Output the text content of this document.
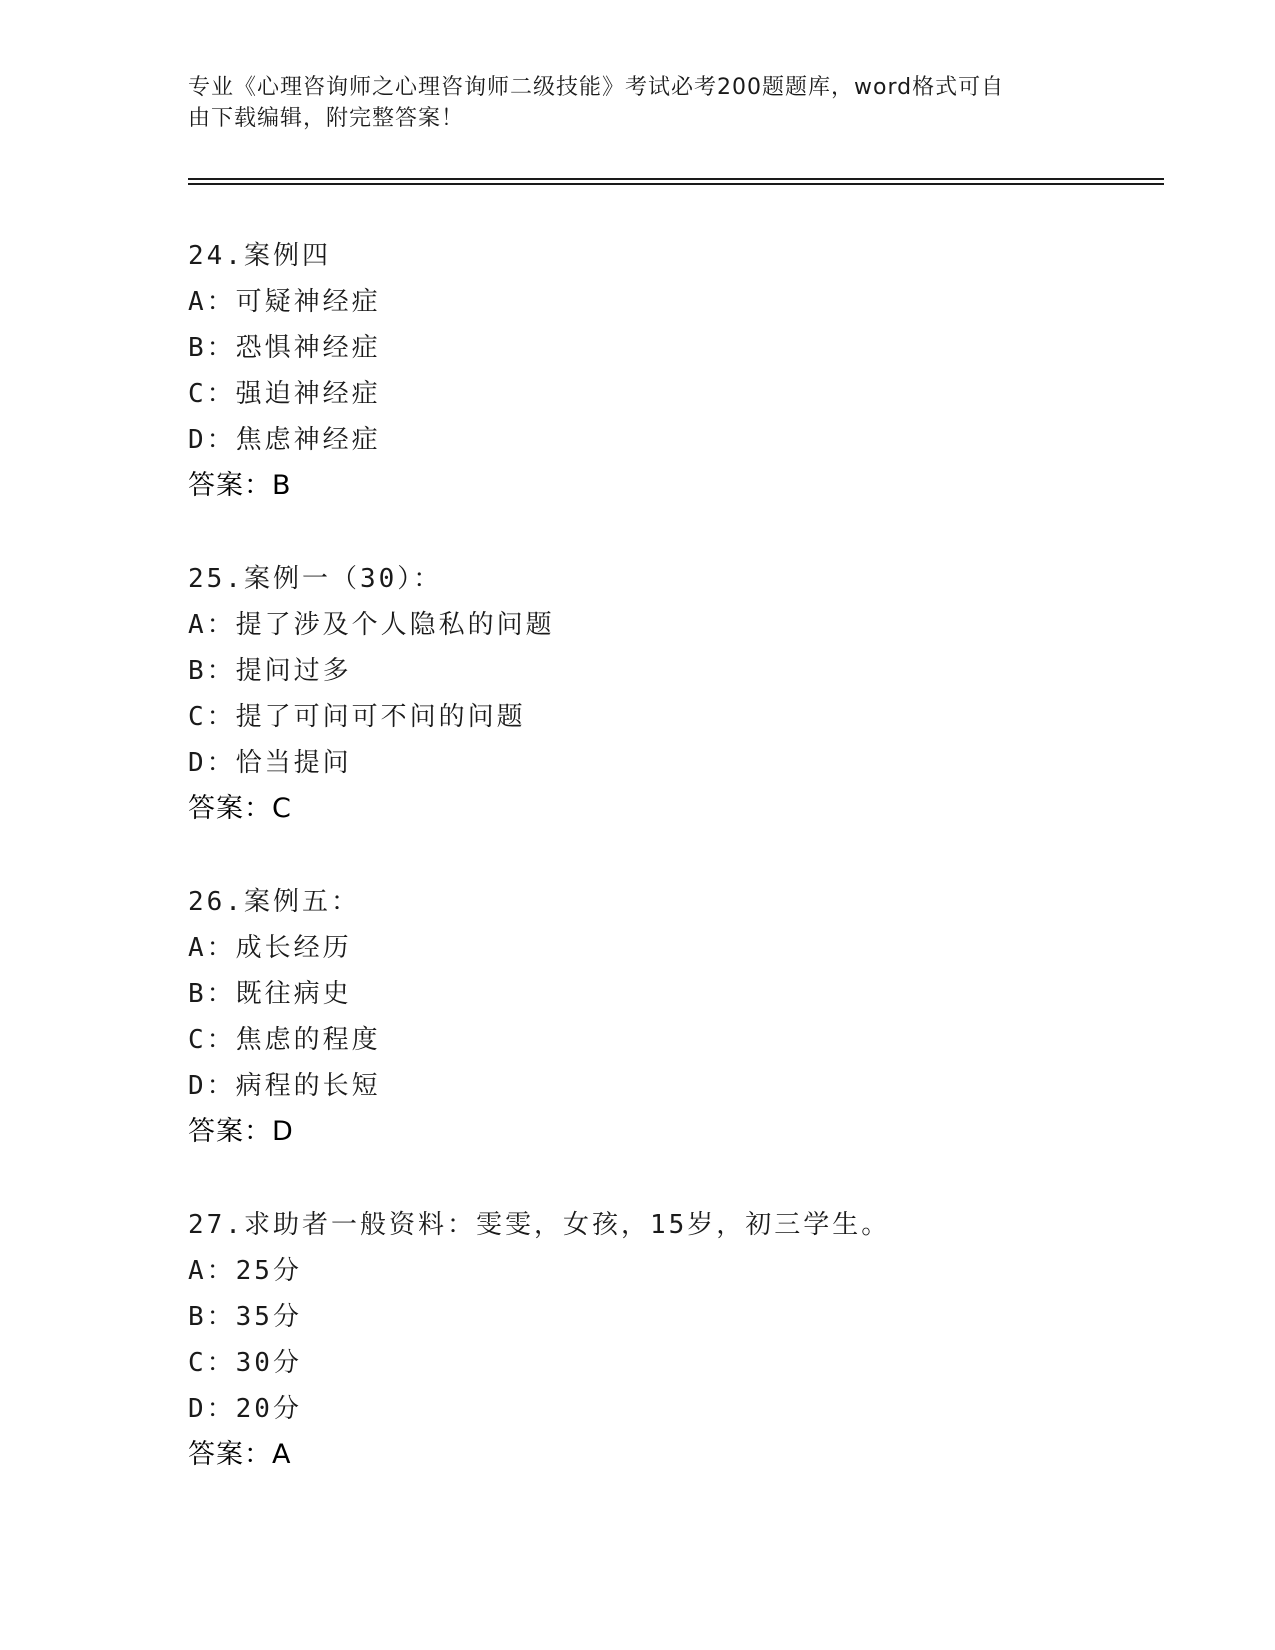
专业《心理咨询师之心理咨询师二级技能》考试必考200题题库，word格式可自
由下载编辑，附完整答案！
24.案例四
A：可疑神经症
B：恐惧神经症
C：强迫神经症
D：焦虑神经症
答案：B
25.案例一（30）：
A：提了涉及个人隐私的问题
B：提问过多
C：提了可问可不问的问题
D：恰当提问
答案：C
26.案例五：
A：成长经历
B：既往病史
C：焦虑的程度
D：病程的长短
答案：D
27.求助者一般资料：雯雯，女孩，15岁，初三学生。
A：25分
B：35分
C：30分
D：20分
答案：A
